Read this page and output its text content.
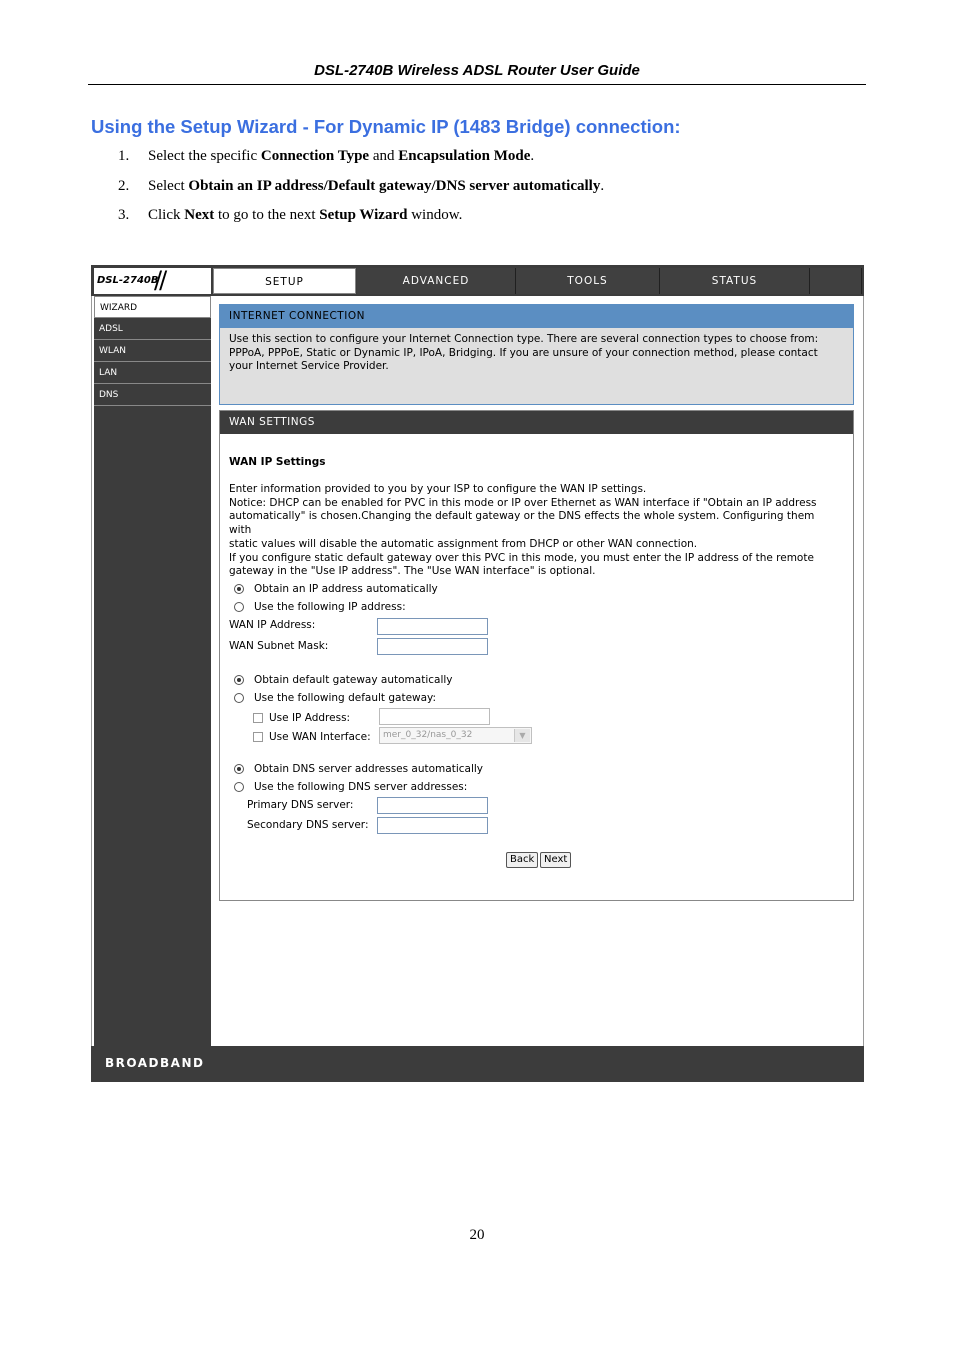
DSL-2740B Wireless ADSL Router User Guide
Using the Setup Wizard - For Dynamic IP (1483 Bridge) connection:
1. Select the specific Connection Type and Encapsulation Mode.
2. Select Obtain an IP address/Default gateway/DNS server automatically.
3. Click Next to go to the next Setup Wizard window.
DSL-2740B
//	SETUP	ADVANCED	TOOLS	STATUS
WIZARD
ADSL
WLAN
LAN
DNS
INTERNET CONNECTION
Use this section to configure your Internet Connection type. There are several connection types to choose from: PPPoA, PPPoE, Static or Dynamic IP, IPoA, Bridging. If you are unsure of your connection method, please contact your Internet Service Provider.
WAN SETTINGS
WAN IP Settings
Enter information provided to you by your ISP to configure the WAN IP settings.
Notice: DHCP can be enabled for PVC in this mode or IP over Ethernet as WAN interface if "Obtain an IP address
automatically" is chosen.Changing the default gateway or the DNS effects the whole system. Configuring them with
static values will disable the automatic assignment from DHCP or other WAN connection.
If you configure static default gateway over this PVC in this mode, you must enter the IP address of the remote
gateway in the "Use IP address". The "Use WAN interface" is optional.
Obtain an IP address automatically
Use the following IP address:
WAN IP Address:
WAN Subnet Mask:
Obtain default gateway automatically
Use the following default gateway:
Use IP Address:
Use WAN Interface:	mer_0_32/nas_0_32	▼
Obtain DNS server addresses automatically
Use the following DNS server addresses:
Primary DNS server:
Secondary DNS server:
Back Next
BROADBAND
20
